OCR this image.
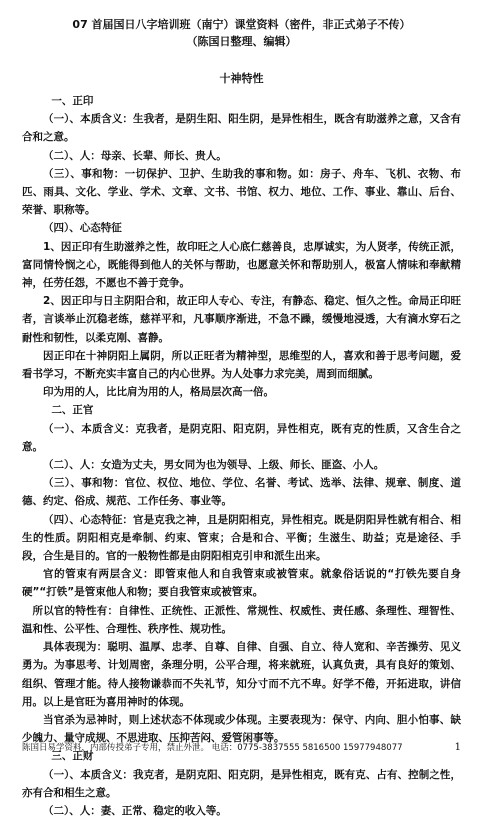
07 首届国日八字培训班（南宁）课堂资料（密件，非正式弟子不传）
（陈国日整理、编辑）
十神特性

一、正印

（一）、本质含义：生我者，是阴生阳、阳生阴，是异性相生，既含有助滋养之意，又含有合和之意。

（二）、人：母亲、长辈、师长、贵人。

（三）、事和物：一切保护、卫护、生助我的事和物。如：房子、舟车、飞机、衣物、布匹、雨具、文化、学业、学术、文章、文书、书馆、权力、地位、工作、事业、靠山、后台、荣誉、职称等。

（四）、心态特征

1、因正印有生助滋养之性，故印旺之人心底仁慈善良，忠厚诚实，为人贤孝，传统正派，富同情怜悯之心，既能得到他人的关怀与帮助，也愿意关怀和帮助别人，极富人情味和奉献精神，任劳任怨，不愿也不善于竞争。

2、因正印与日主阴阳合和，故正印人专心、专注，有静态、稳定、恒久之性。命局正印旺者，言谈举止沉稳老练，慈祥平和，凡事顺序渐进，不急不躁，缓慢地浸透，大有滴水穿石之耐性和韧性，以柔克刚、喜静。

因正印在十神阴阳上属阴，所以正旺者为精神型，思维型的人，喜欢和善于思考问题，爱看书学习，不断充实丰富自己的内心世界。为人处事力求完美，周到而细腻。

印为用的人，比比肩为用的人，格局层次高一倍。

二、正官

（一）、本质含义：克我者，是阴克阳、阳克阴，异性相克，既有克的性质，又含生合之意。

（二）、人：女造为丈夫，男女同为也为领导、上级、师长、匪盗、小人。

（三）、事和物：官位、权位、地位、学位、名誉、考试、选举、法律、规章、制度、道德、约定、俗成、规范、工作任务、事业等。

（四）、心态特征：官是克我之神，且是阴阳相克，异性相克。既是阴阳异性就有相合、相生的性质。阴阳相克是牵制、约束、管束；合是和合、平衡；生滋生、助益；克是途径、手段，合生是目的。官的一般物性都是由阴阳相克引申和派生出来。

官的管束有两层含义：即管束他人和自我管束或被管束。就象俗话说的“打铁先要自身硬”“打铁”是管束他人和物；要自我管束或被管束。

所以官的特性有：自律性、正统性、正派性、常规性、权威性、责任感、条理性、理智性、温和性、公平性、合理性、秩序性、规功性。

具体表现为：聪明、温厚、忠孝、自尊、自律、自强、自立、待人宽和、辛苦操劳、见义勇为。为事思考、计划周密，条理分明，公平合理，将来就班，认真负责，具有良好的策划、组织、管理才能。待人接物谦恭而不失礼节，知分寸而不亢不卑。好学不倦，开拓进取，讲信用。以上是官旺为喜用神时的体现。

当官杀为忌神时，则上述状态不体现或少体现。主要表现为：保守、内向、胆小怕事、缺少魄力、量守成规、不思进取、压抑苦闷、爱管闲事等。

三、正财

（一）、本质含义：我克者，是阴克阳、阳克阴，是异性相克，既有克、占有、控制之性，亦有合和相生之意。

（二）、人：妻、正常、稳定的收入等。

陈国日易学资料，内部传授弟子专用，禁止外泄。 电话：0775-3837555 5816500 15977948077	1
